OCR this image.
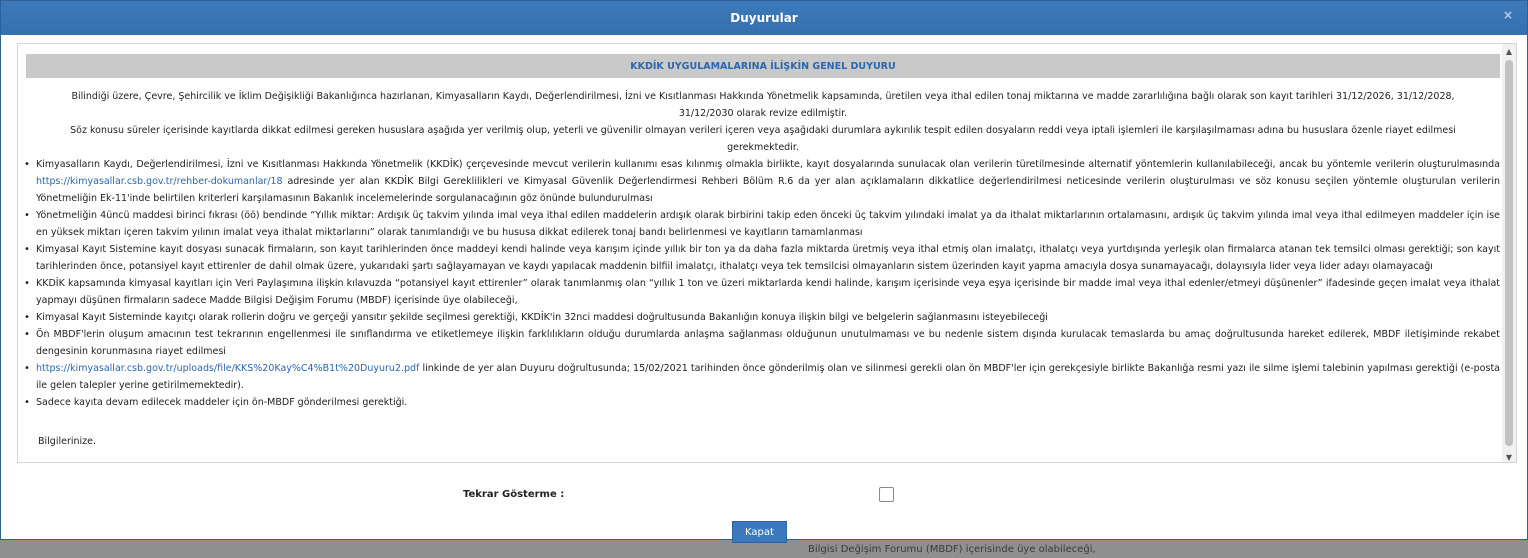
Bilgisi Değişim Forumu (MBDF) içerisinde üye olabileceği,
Duyurular	×
KKDİK UYGULAMALARINA İLİŞKİN GENEL DUYURU
Bilindiği üzere, Çevre, Şehircilik ve İklim Değişikliği Bakanlığınca hazırlanan, Kimyasalların Kaydı, Değerlendirilmesi, İzni ve Kısıtlanması Hakkında Yönetmelik kapsamında, üretilen veya ithal edilen tonaj miktarına ve madde zararlılığına bağlı olarak son kayıt tarihleri 31/12/2026, 31/12/2028,
31/12/2030 olarak revize edilmiştir.
Söz konusu süreler içerisinde kayıtlarda dikkat edilmesi gereken hususlara aşağıda yer verilmiş olup, yeterli ve güvenilir olmayan verileri içeren veya aşağıdaki durumlara aykırılık tespit edilen dosyaların reddi veya iptali işlemleri ile karşılaşılmaması adına bu hususlara özenle riayet edilmesi
gerekmektedir.
• Kimyasalların Kaydı, Değerlendirilmesi, İzni ve Kısıtlanması Hakkında Yönetmelik (KKDİK) çerçevesinde mevcut verilerin kullanımı esas kılınmış olmakla birlikte, kayıt dosyalarında sunulacak olan verilerin türetilmesinde alternatif yöntemlerin kullanılabileceği, ancak bu yöntemle verilerin oluşturulmasında https://kimyasallar.csb.gov.tr/rehber-dokumanlar/18 adresinde yer alan KKDİK Bilgi Gereklilikleri ve Kimyasal Güvenlik Değerlendirmesi Rehberi Bölüm R.6 da yer alan açıklamaların dikkatlice değerlendirilmesi neticesinde verilerin oluşturulması ve söz konusu seçilen yöntemle oluşturulan verilerin Yönetmeliğin Ek-11'inde belirtilen kriterleri karşılamasının Bakanlık incelemelerinde sorgulanacağının göz önünde bulundurulması
• Yönetmeliğin 4üncü maddesi birinci fıkrası (öö) bendinde “Yıllık miktar: Ardışık üç takvim yılında imal veya ithal edilen maddelerin ardışık olarak birbirini takip eden önceki üç takvim yılındaki imalat ya da ithalat miktarlarının ortalamasını, ardışık üç takvim yılında imal veya ithal edilmeyen maddeler için ise en yüksek miktarı içeren takvim yılının imalat veya ithalat miktarlarını” olarak tanımlandığı ve bu hususa dikkat edilerek tonaj bandı belirlenmesi ve kayıtların tamamlanması
• Kimyasal Kayıt Sistemine kayıt dosyası sunacak firmaların, son kayıt tarihlerinden önce maddeyi kendi halinde veya karışım içinde yıllık bir ton ya da daha fazla miktarda üretmiş veya ithal etmiş olan imalatçı, ithalatçı veya yurtdışında yerleşik olan firmalarca atanan tek temsilci olması gerektiği; son kayıt tarihlerinden önce, potansiyel kayıt ettirenler de dahil olmak üzere, yukarıdaki şartı sağlayamayan ve kaydı yapılacak maddenin bilfiil imalatçı, ithalatçı veya tek temsilcisi olmayanların sistem üzerinden kayıt yapma amacıyla dosya sunamayacağı, dolayısıyla lider veya lider adayı olamayacağı
• KKDİK kapsamında kimyasal kayıtları için Veri Paylaşımına ilişkin kılavuzda “potansiyel kayıt ettirenler” olarak tanımlanmış olan “yıllık 1 ton ve üzeri miktarlarda kendi halinde, karışım içerisinde veya eşya içerisinde bir madde imal veya ithal edenler/etmeyi düşünenler” ifadesinde geçen imalat veya ithalat yapmayı düşünen firmaların sadece Madde Bilgisi Değişim Forumu (MBDF) içerisinde üye olabileceği,
• Kimyasal Kayıt Sisteminde kayıtçı olarak rollerin doğru ve gerçeği yansıtır şekilde seçilmesi gerektiği, KKDİK'in 32nci maddesi doğrultusunda Bakanlığın konuya ilişkin bilgi ve belgelerin sağlanmasını isteyebileceği
• Ön MBDF'lerin oluşum amacının test tekrarının engellenmesi ile sınıflandırma ve etiketlemeye ilişkin farklılıkların olduğu durumlarda anlaşma sağlanması olduğunun unutulmaması ve bu nedenle sistem dışında kurulacak temaslarda bu amaç doğrultusunda hareket edilerek, MBDF iletişiminde rekabet dengesinin korunmasına riayet edilmesi
• https://kimyasallar.csb.gov.tr/uploads/file/KKS%20Kay%C4%B1t%20Duyuru2.pdf linkinde de yer alan Duyuru doğrultusunda; 15/02/2021 tarihinden önce gönderilmiş olan ve silinmesi gerekli olan ön MBDF'ler için gerekçesiyle birlikte Bakanlığa resmi yazı ile silme işlemi talebinin yapılması gerektiği (e-posta ile gelen talepler yerine getirilmemektedir).
• Sadece kayıta devam edilecek maddeler için ön-MBDF gönderilmesi gerektiği.
Bilgilerinize.
▲
▼
Tekrar Gösterme :
Kapat
